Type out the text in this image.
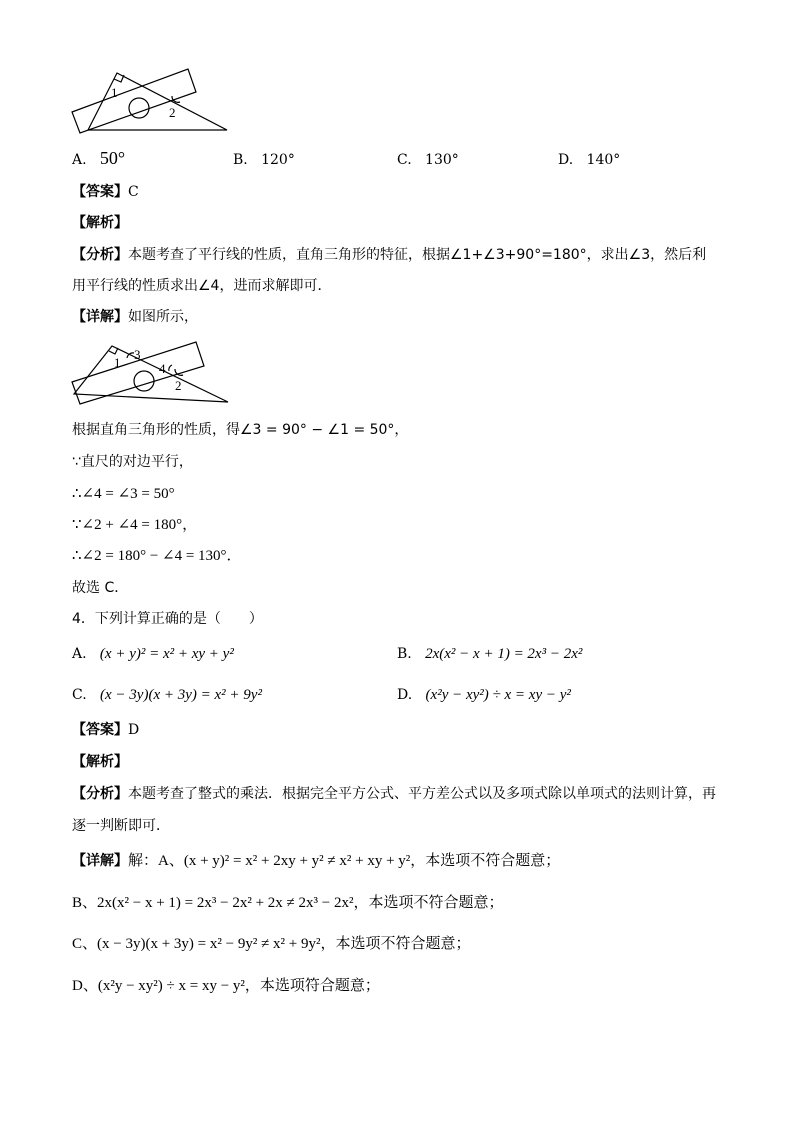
1
2
A. 50°	B. 120°	C. 130°	D. 140°
【答案】C
【解析】
【分析】本题考查了平行线的性质，直角三角形的特征，根据∠1+∠3+90°=180°，求出∠3，然后利
用平行线的性质求出∠4，进而求解即可．
【详解】如图所示，
1
3
4
2
根据直角三角形的性质，得∠3 = 90° − ∠1 = 50°，
∵直尺的对边平行，
∴∠4 = ∠3 = 50°
∵∠2 + ∠4 = 180°，
∴∠2 = 180° − ∠4 = 130°．
故选 C．
4．下列计算正确的是（　　）
A. (x + y)² = x² + xy + y²	B. 2x(x² − x + 1) = 2x³ − 2x²
C. (x − 3y)(x + 3y) = x² + 9y²	D. (x²y − xy²) ÷ x = xy − y²
【答案】D
【解析】
【分析】本题考查了整式的乘法．根据完全平方公式、平方差公式以及多项式除以单项式的法则计算，再
逐一判断即可．
【详解】解：A、(x + y)² = x² + 2xy + y² ≠ x² + xy + y²，本选项不符合题意；
B、2x(x² − x + 1) = 2x³ − 2x² + 2x ≠ 2x³ − 2x²，本选项不符合题意；
C、(x − 3y)(x + 3y) = x² − 9y² ≠ x² + 9y²，本选项不符合题意；
D、(x²y − xy²) ÷ x = xy − y²，本选项符合题意；
